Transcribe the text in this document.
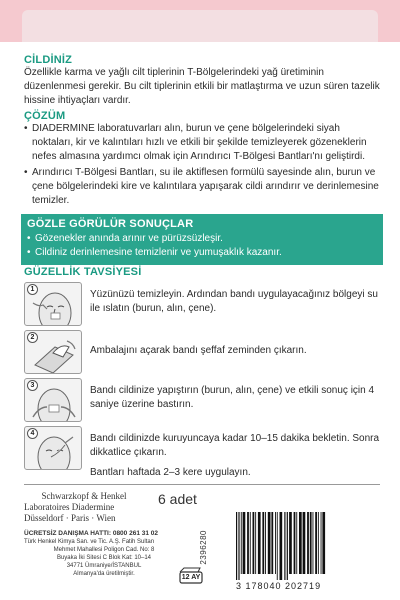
CİLDİNİZ
Özellikle karma ve yağlı cilt tiplerinin T-Bölgelerindeki yağ üretiminin düzenlenmesi gerekir. Bu cilt tiplerinin etkili bir matlaştırma ve uzun süren tazelik hissine ihtiyaçları vardır.
ÇÖZÜM
• DIADERMINE laboratuvarları alın, burun ve çene bölgelerindeki siyah noktaları, kir ve kalıntıları hızlı ve etkili bir şekilde temizleyerek gözeneklerin nefes almasına yardımcı olmak için Arındırıcı T-Bölgesi Bantları'nı geliştirdi.
• Arındırıcı T-Bölgesi Bantları, su ile aktiflesen formülü sayesinde alın, burun ve çene bölgelerindeki kire ve kalıntılara yapışarak cildi arındırır ve derinlemesine temizler.
GÖZLE GÖRÜLÜR SONUÇLAR
• Gözenekler anında arınır ve pürüzsüzleşir.
• Cildiniz derinlemesine temizlenir ve yumuşaklık kazanır.
GÜZELLİK TAVSİYESİ
1	Yüzünüzü temizleyin. Ardından bandı uygulayacağınız bölgeyi su ile ıslatın (burun, alın, çene).
2
Ambalajını açarak bandı şeffaf zeminden çıkarın.
3	Bandı cildinize yapıştırın (burun, alın, çene) ve etkili sonuç için 4 saniye üzerine bastırın.
4	Bandı cildinizde kuruyuncaya kadar 10–15 dakika bekletin. Sonra dikkatlice çıkarın.
Bantları haftada 2–3 kere uygulayın.
Schwarzkopf & Henkel
Laboratoires Diadermine
Düsseldorf · Paris · Wien
6 adet
ÜCRETSİZ DANIŞMA HATTI: 0800 261 31 02
Türk Henkel Kimya San. ve Tic. A.Ş. Fatih Sultan
Mehmet Mahallesi Poligon Cad. No: 8
Buyaka İki Sitesi C Blok Kat: 10–14
34771 Ümraniye/İSTANBUL
Almanya'da üretilmiştir.
2396280
12 AY
3 178040 202719
